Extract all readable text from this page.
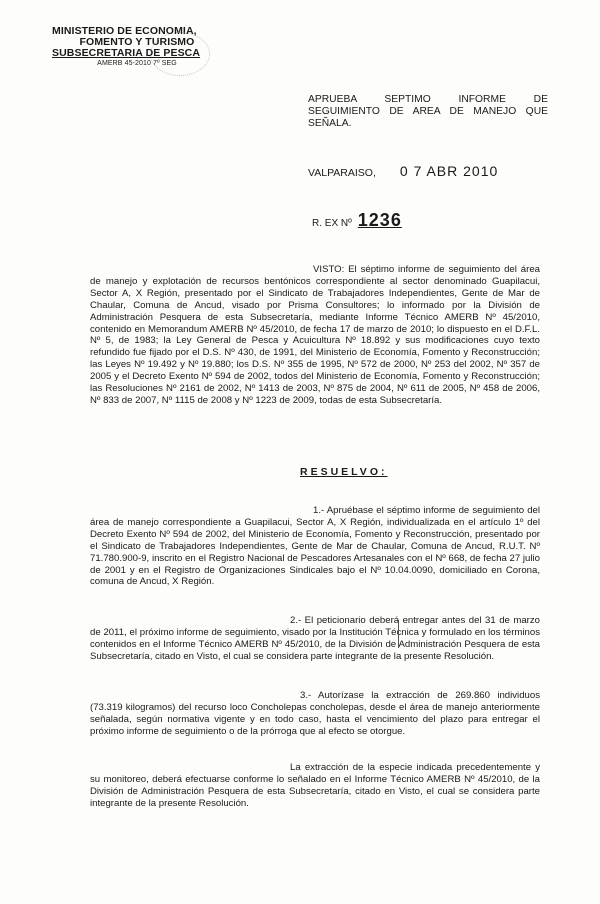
MINISTERIO DE ECONOMIA,
FOMENTO Y TURISMO
SUBSECRETARIA DE PESCA
AMERB 45-2010 7º SEG
APRUEBA SEPTIMO INFORME DE SEGUIMIENTO DE AREA DE MANEJO QUE SEÑALA.
VALPARAISO, 0 7 ABR 2010
R. EX Nº 1236

VISTO: El séptimo informe de seguimiento del área de manejo y explotación de recursos bentónicos correspondiente al sector denominado Guapilacui, Sector A, X Región, presentado por el Sindicato de Trabajadores Independientes, Gente de Mar de Chaular, Comuna de Ancud, visado por Prisma Consultores; lo informado por la División de Administración Pesquera de esta Subsecretaría, mediante Informe Técnico AMERB Nº 45/2010, contenido en Memorandum AMERB Nº 45/2010, de fecha 17 de marzo de 2010; lo dispuesto en el D.F.L. Nº 5, de 1983; la Ley General de Pesca y Acuicultura Nº 18.892 y sus modificaciones cuyo texto refundido fue fijado por el D.S. Nº 430, de 1991, del Ministerio de Economía, Fomento y Reconstrucción; las Leyes Nº 19.492 y Nº 19.880; los D.S. Nº 355 de 1995, Nº 572 de 2000, Nº 253 del 2002, Nº 357 de 2005 y el Decreto Exento Nº 594 de 2002, todos del Ministerio de Economía, Fomento y Reconstrucción; las Resoluciones Nº 2161 de 2002, Nº 1413 de 2003, Nº 875 de 2004, Nº 611 de 2005, Nº 458 de 2006, Nº 833 de 2007, Nº 1115 de 2008 y Nº 1223 de 2009, todas de esta Subsecretaría.

RESUELVO:

1.- Apruébase el séptimo informe de seguimiento del área de manejo correspondiente a Guapilacui, Sector A, X Región, individualizada en el artículo 1º del Decreto Exento Nº 594 de 2002, del Ministerio de Economía, Fomento y Reconstrucción, presentado por el Sindicato de Trabajadores Independientes, Gente de Mar de Chaular, Comuna de Ancud, R.U.T. Nº 71.780.900-9, inscrito en el Registro Nacional de Pescadores Artesanales con el Nº 668, de fecha 27 julio de 2001 y en el Registro de Organizaciones Sindicales bajo el Nº 10.04.0090, domiciliado en Corona, comuna de Ancud, X Región.

2.- El peticionario deberá entregar antes del 31 de marzo de 2011, el próximo informe de seguimiento, visado por la Institución Técnica y formulado en los términos contenidos en el Informe Técnico AMERB Nº 45/2010, de la División de Administración Pesquera de esta Subsecretaría, citado en Visto, el cual se considera parte integrante de la presente Resolución.

3.- Autorízase la extracción de 269.860 individuos (73.319 kilogramos) del recurso loco Concholepas concholepas, desde el área de manejo anteriormente señalada, según normativa vigente y en todo caso, hasta el vencimiento del plazo para entregar el próximo informe de seguimiento o de la prórroga que al efecto se otorgue.

La extracción de la especie indicada precedentemente y su monitoreo, deberá efectuarse conforme lo señalado en el Informe Técnico AMERB Nº 45/2010, de la División de Administración Pesquera de esta Subsecretaría, citado en Visto, el cual se considera parte integrante de la presente Resolución.
